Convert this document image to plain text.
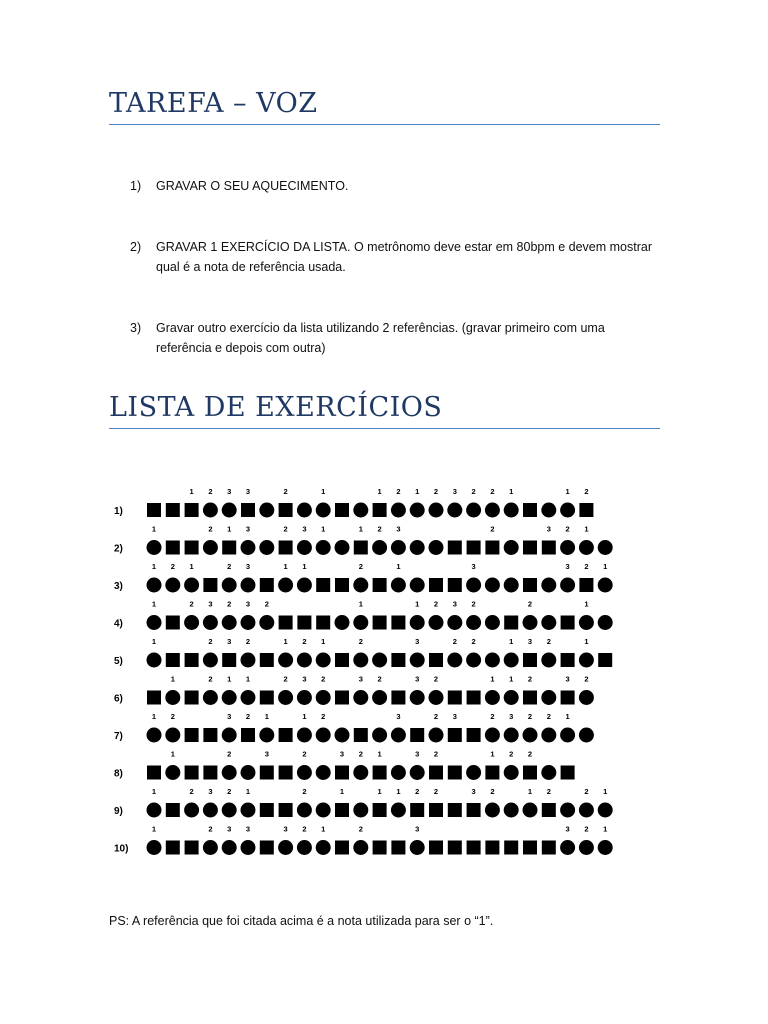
TAREFA – VOZ
1)	GRAVAR O SEU AQUECIMENTO.
2)	GRAVAR 1 EXERCÍCIO DA LISTA. O metrônomo deve estar em 80bpm e devem mostrar qual é a nota de referência usada.
3)	Gravar outro exercício da lista utilizando 2 referências. (gravar primeiro com uma referência e depois com outra)
LISTA DE EXERCÍCIOS
1)
1 2 3 3	2	1	1 2 1 2 3 2 2 1	1 2
2)
1	2 1 3	2 3 1	1 2 3	2	3 2 1
3)
1 2 1	2 3	1 1	2	1	3	3 2 1
4)
1	2 3 2 3 2	1	1 2 3 2	2	1
5)
1	2 3 2	1 2 1	2	3	2 2	1 3 2	1
6)
1	2 1 1	2 3 2	3 2	3 2	1 1 2	3 2
7)
1 2	3 2 1	1 2	3	2 3	2 3 2 2 1
8)
1	2	3	2	3 2 1	3 2	1 2 2
9)
1	2 3 2 1	2	1	1 1 2 2	3 2	1 2	2 1
10)
1	2 3 3	3 2 1	2	3	3 2 1
PS: A referência que foi citada acima é a nota utilizada para ser o “1”.
